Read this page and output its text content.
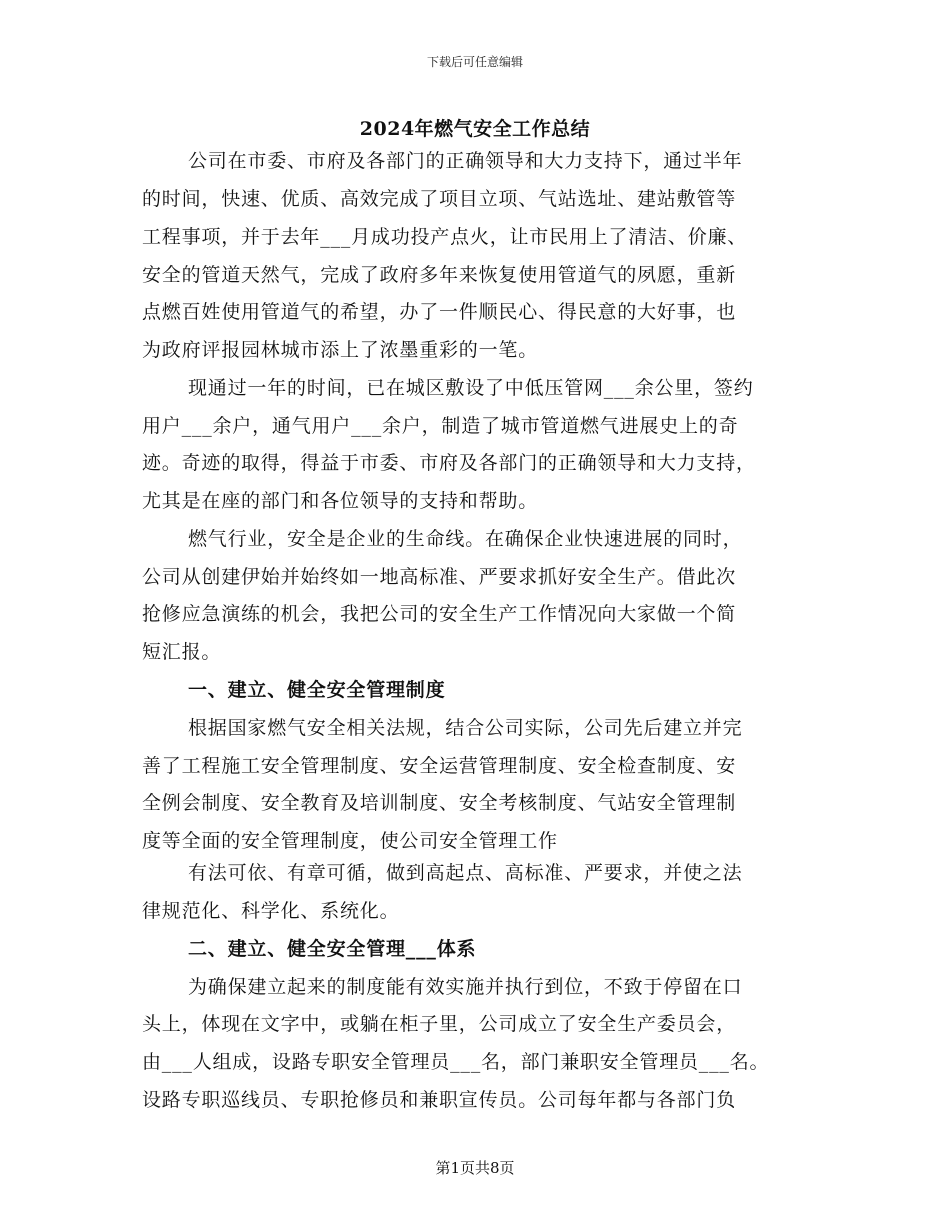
下载后可任意编辑
2024年燃气安全工作总结
公司在市委、市府及各部门的正确领导和大力支持下，通过半年
的时间，快速、优质、高效完成了项目立项、气站选址、建站敷管等
工程事项，并于去年___月成功投产点火，让市民用上了清洁、价廉、
安全的管道天然气，完成了政府多年来恢复使用管道气的夙愿，重新
点燃百姓使用管道气的希望，办了一件顺民心、得民意的大好事，也
为政府评报园林城市添上了浓墨重彩的一笔。
现通过一年的时间，已在城区敷设了中低压管网___余公里，签约
用户___余户，通气用户___余户，制造了城市管道燃气进展史上的奇
迹。奇迹的取得，得益于市委、市府及各部门的正确领导和大力支持，
尤其是在座的部门和各位领导的支持和帮助。
燃气行业，安全是企业的生命线。在确保企业快速进展的同时，
公司从创建伊始并始终如一地高标准、严要求抓好安全生产。借此次
抢修应急演练的机会，我把公司的安全生产工作情况向大家做一个简
短汇报。
一、建立、健全安全管理制度
根据国家燃气安全相关法规，结合公司实际，公司先后建立并完
善了工程施工安全管理制度、安全运营管理制度、安全检查制度、安
全例会制度、安全教育及培训制度、安全考核制度、气站安全管理制
度等全面的安全管理制度，使公司安全管理工作
有法可依、有章可循，做到高起点、高标准、严要求，并使之法
律规范化、科学化、系统化。
二、建立、健全安全管理___体系
为确保建立起来的制度能有效实施并执行到位，不致于停留在口
头上，体现在文字中，或躺在柜子里，公司成立了安全生产委员会，
由___人组成，设路专职安全管理员___名，部门兼职安全管理员___名。
设路专职巡线员、专职抢修员和兼职宣传员。公司每年都与各部门负
第1页共8页
